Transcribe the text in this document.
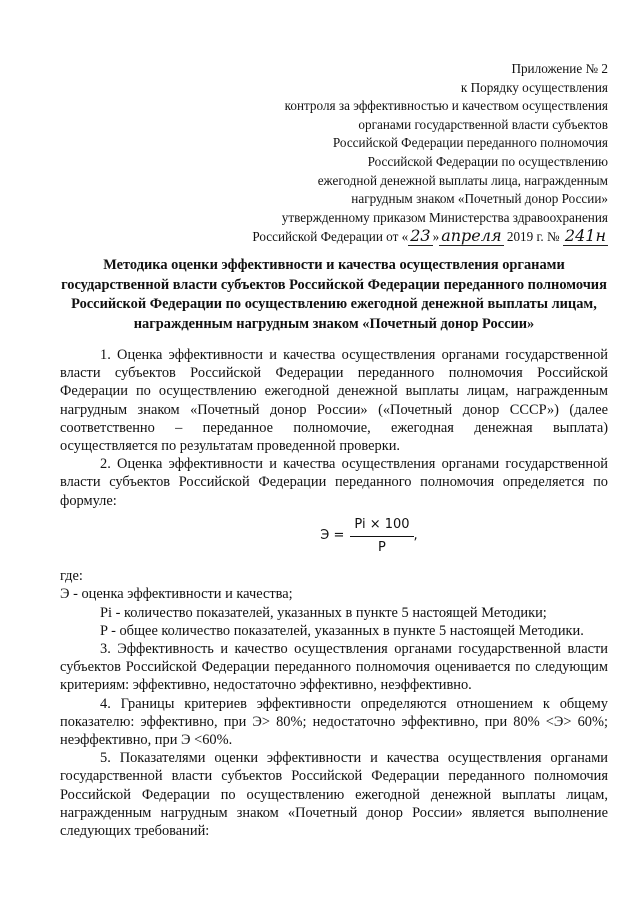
Приложение № 2
к Порядку осуществления
контроля за эффективностью и качеством осуществления
органами государственной власти субъектов
Российской Федерации переданного полномочия
Российской Федерации по осуществлению
ежегодной денежной выплаты лица, награжденным
нагрудным знаком «Почетный донор России»
утвержденному приказом Министерства здравоохранения
Российской Федерации от « 23 » апреля 2019 г. № 241н
Методика оценки эффективности и качества осуществления органами государственной власти субъектов Российской Федерации переданного полномочия Российской Федерации по осуществлению ежегодной денежной выплаты лицам, награжденным нагрудным знаком «Почетный донор России»

1. Оценка эффективности и качества осуществления органами государственной власти субъектов Российской Федерации переданного полномочия Российской Федерации по осуществлению ежегодной денежной выплаты лицам, награжденным нагрудным знаком «Почетный донор России» («Почетный донор СССР») (далее соответственно – переданное полномочие, ежегодная денежная выплата) осуществляется по результатам проведенной проверки.

2. Оценка эффективности и качества осуществления органами государственной власти субъектов Российской Федерации переданного полномочия определяется по формуле:

$Э = \frac{Pi \times 100}{P}$ ,

где:

Э - оценка эффективности и качества;

Pi - количество показателей, указанных в пункте 5 настоящей Методики;

P - общее количество показателей, указанных в пункте 5 настоящей Методики.

3. Эффективность и качество осуществления органами государственной власти субъектов Российской Федерации переданного полномочия оценивается по следующим критериям: эффективно, недостаточно эффективно, неэффективно.

4. Границы критериев эффективности определяются отношением к общему показателю: эффективно, при Э> 80%; недостаточно эффективно, при 80% <Э> 60%; неэффективно, при Э <60%.

5. Показателями оценки эффективности и качества осуществления органами государственной власти субъектов Российской Федерации переданного полномочия Российской Федерации по осуществлению ежегодной денежной выплаты лицам, награжденным нагрудным знаком «Почетный донор России» является выполнение следующих требований:
